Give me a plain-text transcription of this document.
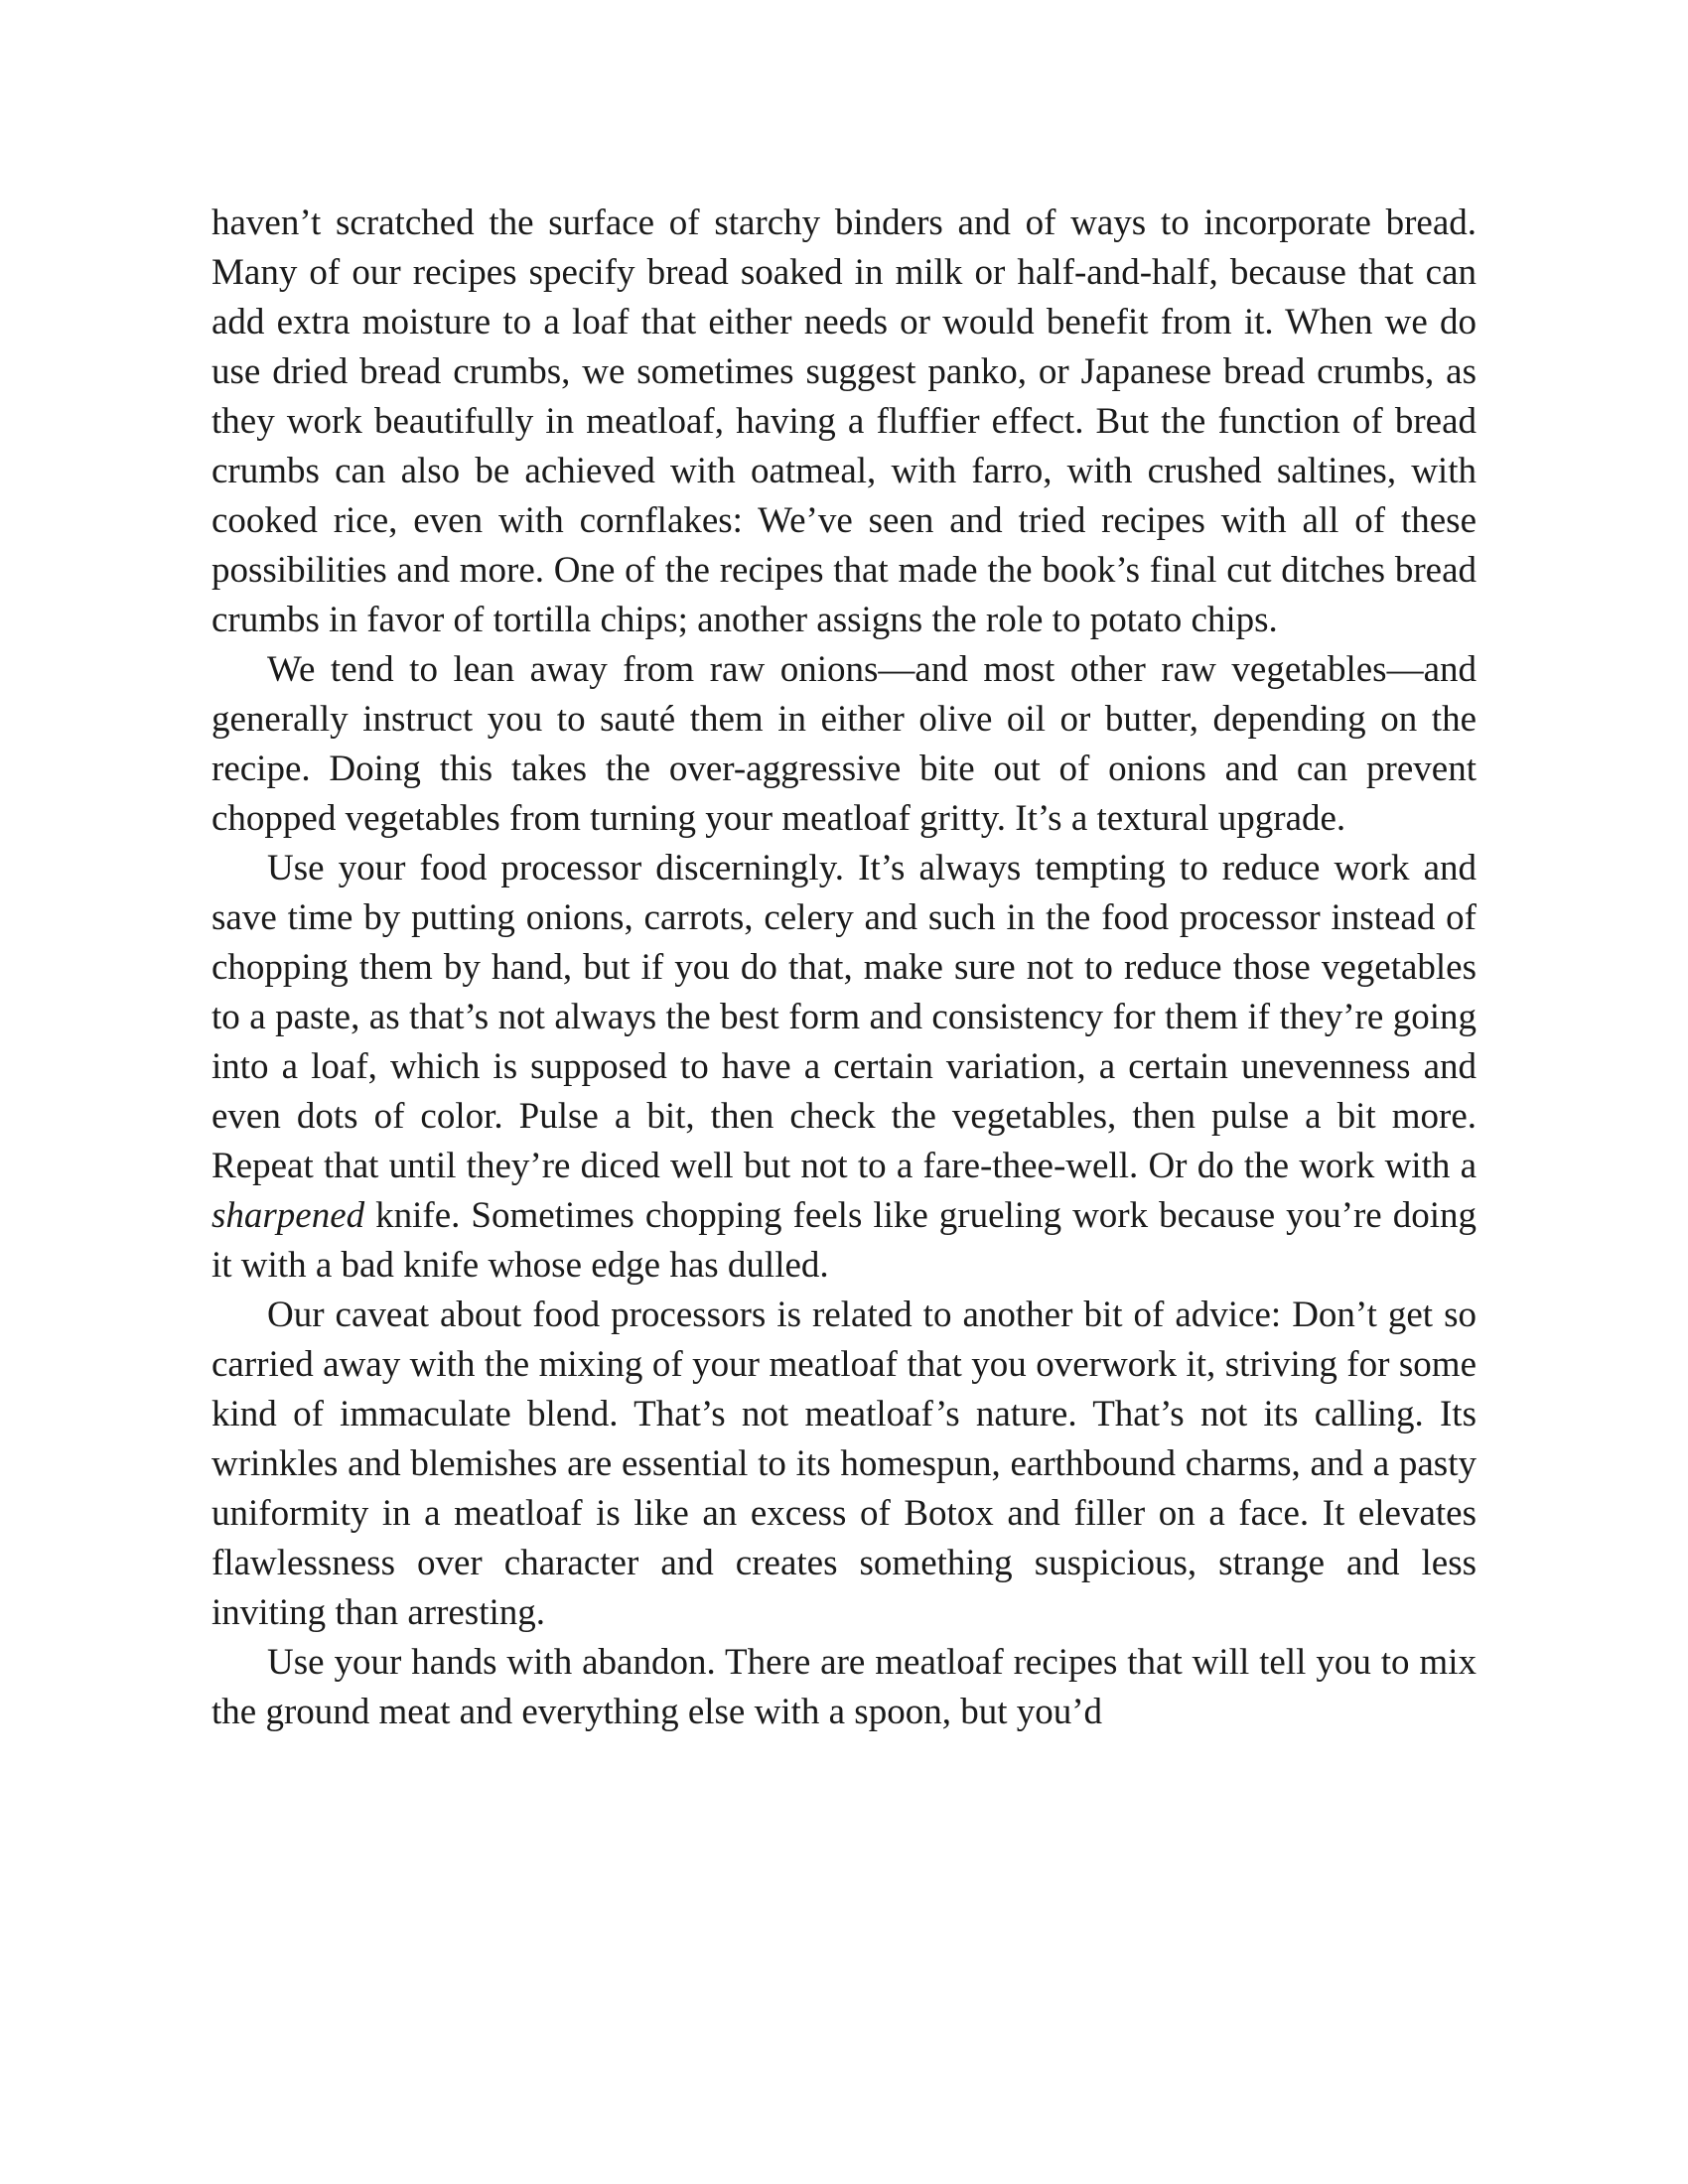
haven’t scratched the surface of starchy binders and of ways to incorporate bread. Many of our recipes specify bread soaked in milk or half-and-half, because that can add extra moisture to a loaf that either needs or would benefit from it. When we do use dried bread crumbs, we sometimes suggest panko, or Japanese bread crumbs, as they work beautifully in meatloaf, having a fluffier effect. But the function of bread crumbs can also be achieved with oatmeal, with farro, with crushed saltines, with cooked rice, even with cornflakes: We’ve seen and tried recipes with all of these possibilities and more. One of the recipes that made the book’s final cut ditches bread crumbs in favor of tortilla chips; another assigns the role to potato chips.

We tend to lean away from raw onions—and most other raw vegetables—and generally instruct you to sauté them in either olive oil or butter, depending on the recipe. Doing this takes the over-aggressive bite out of onions and can prevent chopped vegetables from turning your meatloaf gritty. It’s a textural upgrade.

Use your food processor discerningly. It’s always tempting to reduce work and save time by putting onions, carrots, celery and such in the food processor instead of chopping them by hand, but if you do that, make sure not to reduce those vegetables to a paste, as that’s not always the best form and consistency for them if they’re going into a loaf, which is supposed to have a certain variation, a certain unevenness and even dots of color. Pulse a bit, then check the vegetables, then pulse a bit more. Repeat that until they’re diced well but not to a fare-thee-well. Or do the work with a sharpened knife. Sometimes chopping feels like grueling work because you’re doing it with a bad knife whose edge has dulled.

Our caveat about food processors is related to another bit of advice: Don’t get so carried away with the mixing of your meatloaf that you overwork it, striving for some kind of immaculate blend. That’s not meatloaf’s nature. That’s not its calling. Its wrinkles and blemishes are essential to its homespun, earthbound charms, and a pasty uniformity in a meatloaf is like an excess of Botox and filler on a face. It elevates flawlessness over character and creates something suspicious, strange and less inviting than arresting.

Use your hands with abandon. There are meatloaf recipes that will tell you to mix the ground meat and everything else with a spoon, but you’d
